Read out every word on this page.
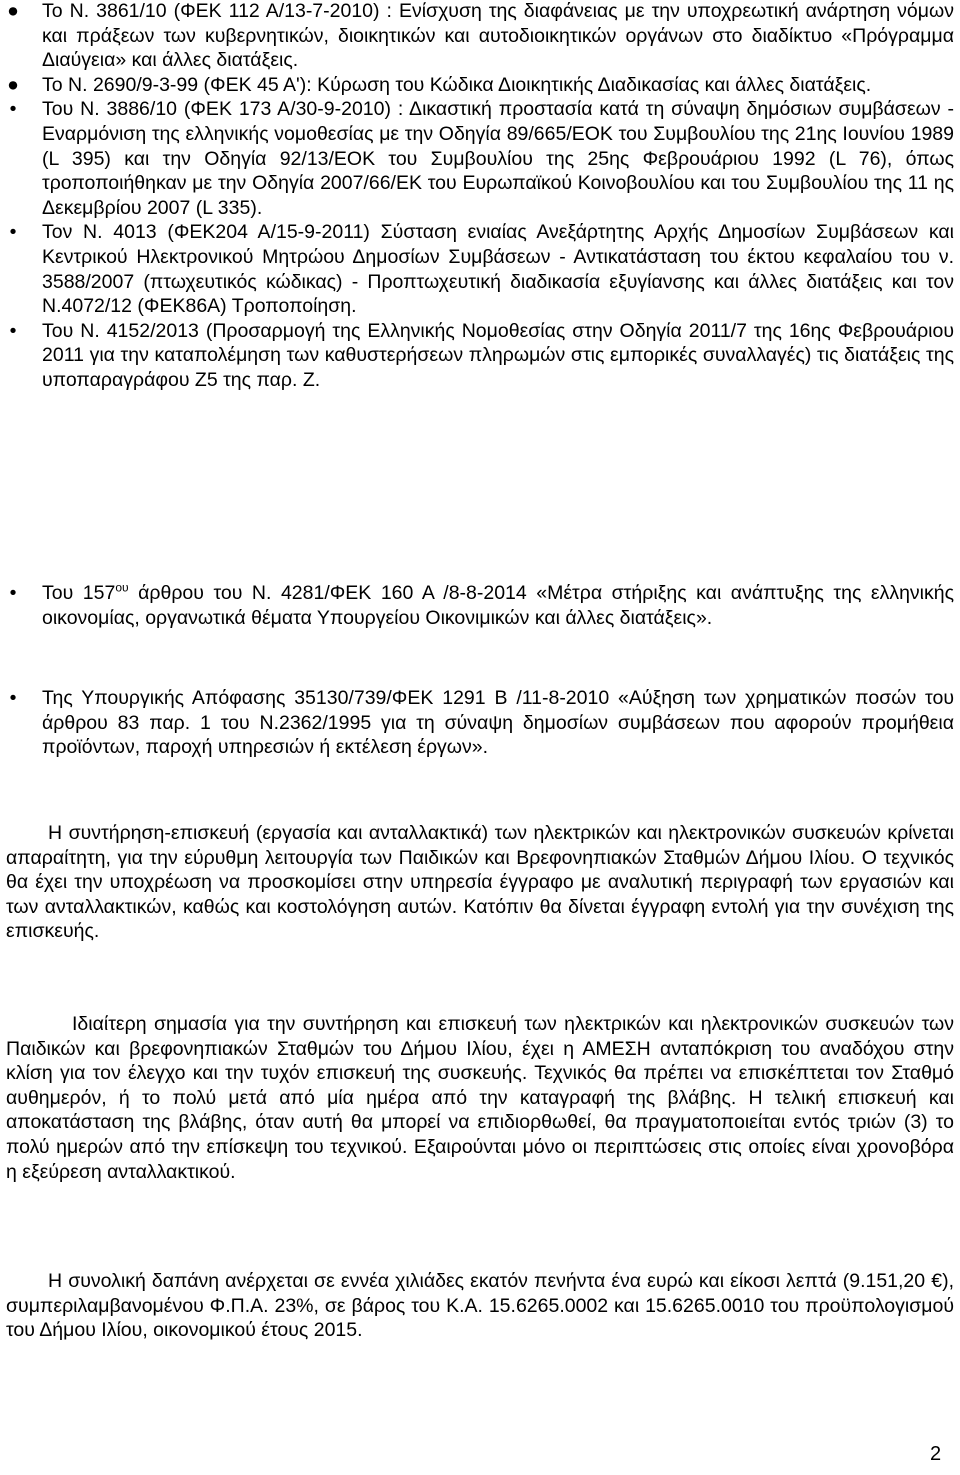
● Το Ν. 3861/10 (ΦΕΚ 112 Α/13-7-2010) : Ενίσχυση της διαφάνειας με την υποχρεωτική ανάρτηση νόμων και πράξεων των κυβερνητικών, διοικητικών και αυτοδιοικητικών οργάνων στο διαδίκτυο «Πρόγραμμα Διαύγεια» και άλλες διατάξεις.
● Το Ν. 2690/9-3-99 (ΦΕΚ 45 Α'): Κύρωση του Κώδικα Διοικητικής Διαδικασίας και άλλες διατάξεις.
• Του Ν. 3886/10 (ΦΕΚ 173 Α/30-9-2010) : Δικαστική προστασία κατά τη σύναψη δημόσιων συμβάσεων - Εναρμόνιση της ελληνικής νομοθεσίας με την Οδηγία 89/665/ΕΟΚ του Συμβουλίου της 21ης Ιουνίου 1989 (L 395) και την Οδηγία 92/13/ΕΟΚ του Συμβουλίου της 25ης Φεβρουάριου 1992 (L 76), όπως τροποποιήθηκαν με την Οδηγία 2007/66/ΕΚ του Ευρωπαϊκού Κοινοβουλίου και του Συμβουλίου της 11 ης Δεκεμβρίου 2007 (L 335).
• Τον Ν. 4013 (ΦΕΚ204 Α/15-9-2011) Σύσταση ενιαίας Ανεξάρτητης Αρχής Δημοσίων Συμβάσεων και Κεντρικού Ηλεκτρονικού Μητρώου Δημοσίων Συμβάσεων - Αντικατάσταση του έκτου κεφαλαίου του ν. 3588/2007 (πτωχευτικός κώδικας) - Προπτωχευτική διαδικασία εξυγίανσης και άλλες διατάξεις και τον Ν.4072/12 (ΦΕΚ86Α) Τροποποίηση.
• Του Ν. 4152/2013 (Προσαρμογή της Ελληνικής Νομοθεσίας στην Οδηγία 2011/7 της 16ης Φεβρουάριου 2011 για την καταπολέμηση των καθυστερήσεων πληρωμών στις εμπορικές συναλλαγές) τις διατάξεις της υποπαραγράφου Ζ5 της παρ. Ζ.
• Του $157^{o\upsilon}$ άρθρου του Ν. 4281/ΦΕΚ 160 Α /8-8-2014 «Μέτρα στήριξης και ανάπτυξης της ελληνικής οικονομίας, οργανωτικά θέματα Υπουργείου Οικονιμικών και άλλες διατάξεις».
• Της Υπουργικής Απόφασης 35130/739/ΦΕΚ 1291 Β /11-8-2010 «Αύξηση των χρηματικών ποσών του άρθρου 83 παρ. 1 του Ν.2362/1995 για τη σύναψη δημοσίων συμβάσεων που αφορούν προμήθεια προϊόντων, παροχή υπηρεσιών ή εκτέλεση έργων».

Η συντήρηση-επισκευή (εργασία και ανταλλακτικά) των ηλεκτρικών και ηλεκτρονικών συσκευών κρίνεται απαραίτητη, για την εύρυθμη λειτουργία των Παιδικών και Βρεφονηπιακών Σταθμών Δήμου Ιλίου. Ο τεχνικός θα έχει την υποχρέωση να προσκομίσει στην υπηρεσία έγγραφο με αναλυτική περιγραφή των εργασιών και των ανταλλακτικών, καθώς και κοστολόγηση αυτών. Κατόπιν θα δίνεται έγγραφη εντολή για την συνέχιση της επισκευής.

Ιδιαίτερη σημασία για την συντήρηση και επισκευή των ηλεκτρικών και ηλεκτρονικών συσκευών των Παιδικών και βρεφονηπιακών Σταθμών του Δήμου Ιλίου, έχει η ΑΜΕΣΗ ανταπόκριση του αναδόχου στην κλίση για τον έλεγχο και την τυχόν επισκευή της συσκευής. Τεχνικός θα πρέπει να επισκέπτεται τον Σταθμό αυθημερόν, ή το πολύ μετά από μία ημέρα από την καταγραφή της βλάβης. Η τελική επισκευή και αποκατάσταση της βλάβης, όταν αυτή θα μπορεί να επιδιορθωθεί, θα πραγματοποιείται εντός τριών (3) το πολύ ημερών από την επίσκεψη του τεχνικού. Εξαιρούνται μόνο οι περιπτώσεις στις οποίες είναι χρονοβόρα η εξεύρεση ανταλλακτικού.

Η συνολική δαπάνη ανέρχεται σε εννέα χιλιάδες εκατόν πενήντα ένα ευρώ και είκοσι λεπτά (9.151,20 €), συμπεριλαμβανομένου Φ.Π.Α. 23%, σε βάρος του Κ.Α. 15.6265.0002 και 15.6265.0010 του προϋπολογισμού του Δήμου Ιλίου, οικονομικού έτους 2015.

2
